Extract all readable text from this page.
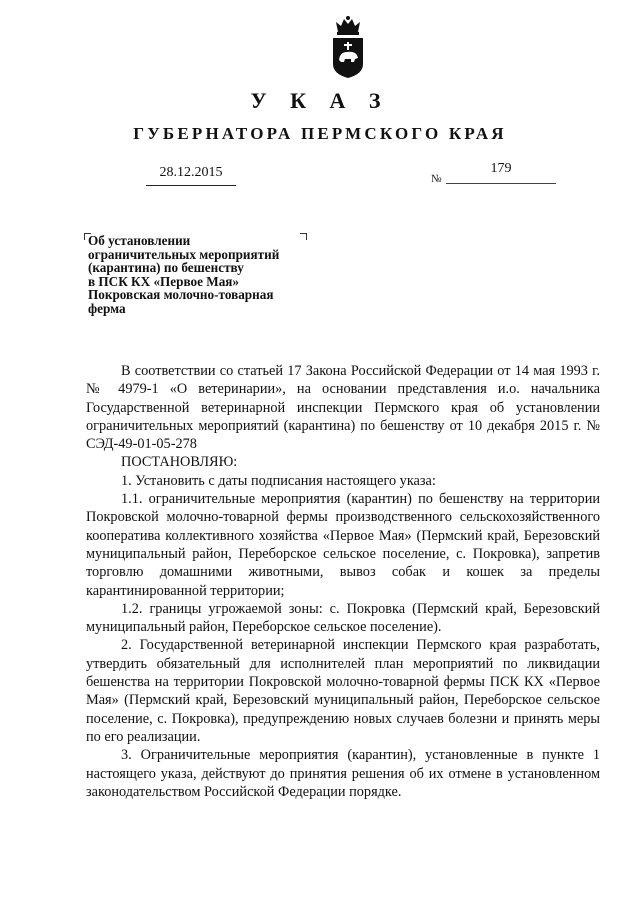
У К А З
ГУБЕРНАТОРА ПЕРМСКОГО КРАЯ
28.12.2015	№
179
Об установлении
ограничительных мероприятий
(карантина) по бешенству
в ПСК КХ «Первое Мая»
Покровская молочно-товарная
ферма

В соответствии со статьей 17 Закона Российской Федерации от 14 мая 1993 г. № 4979-1 «О ветеринарии», на основании представления и.о. начальника Государственной ветеринарной инспекции Пермского края об установлении ограничительных мероприятий (карантина) по бешенству от 10 декабря 2015 г. № СЭД-49-01-05-278

ПОСТАНОВЛЯЮ:

1. Установить с даты подписания настоящего указа:

1.1. ограничительные мероприятия (карантин) по бешенству на территории Покровской молочно-товарной фермы производственного сельскохозяйственного кооператива коллективного хозяйства «Первое Мая» (Пермский край, Березовский муниципальный район, Переборское сельское поселение, с. Покровка), запретив торговлю домашними животными, вывоз собак и кошек за пределы карантинированной территории;

1.2. границы угрожаемой зоны: с. Покровка (Пермский край, Березовский муниципальный район, Переборское сельское поселение).

2. Государственной ветеринарной инспекции Пермского края разработать, утвердить обязательный для исполнителей план мероприятий по ликвидации бешенства на территории Покровской молочно-товарной фермы ПСК КХ «Первое Мая» (Пермский край, Березовский муниципальный район, Переборское сельское поселение, с. Покровка), предупреждению новых случаев болезни и принять меры по его реализации.

3. Ограничительные мероприятия (карантин), установленные в пункте 1 настоящего указа, действуют до принятия решения об их отмене в установленном законодательством Российской Федерации порядке.
